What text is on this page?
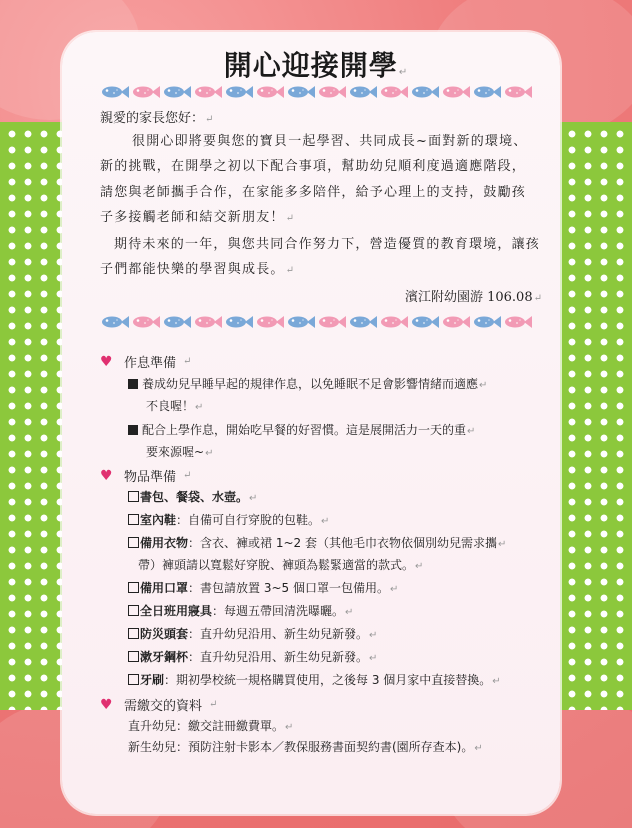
開心迎接開學↵
親愛的家長您好：↵
很開心即將要與您的寶貝一起學習、共同成長~面對新的環境、新的挑戰，在開學之初以下配合事項，幫助幼兒順利度過適應階段，請您與老師攜手合作，在家能多多陪伴，給予心理上的支持，鼓勵孩子多接觸老師和結交新朋友！↵
期待未來的一年，與您共同合作努力下，營造優質的教育環境，讓孩子們都能快樂的學習與成長。↵
濱江附幼園游 106.08↵
♥ 作息準備 ↵
養成幼兒早睡早起的規律作息，以免睡眠不足會影響情緒而適應↵
不良喔！↵
配合上學作息，開始吃早餐的好習慣。這是展開活力一天的重↵
要來源喔~↵
♥ 物品準備 ↵
書包、餐袋、水壺。↵
室內鞋：自備可自行穿脫的包鞋。↵
備用衣物：含衣、褲或裙 1~2 套（其他毛巾衣物依個別幼兒需求攜↵
帶）褲頭請以寬鬆好穿脫、褲頭為鬆緊適當的款式。↵
備用口罩：書包請放置 3~5 個口罩一包備用。↵
全日班用寢具：每週五帶回清洗曝曬。↵
防災頭套：直升幼兒沿用、新生幼兒新發。↵
漱牙鋼杯：直升幼兒沿用、新生幼兒新發。↵
牙刷：期初學校統一規格購買使用，之後每 3 個月家中直接替換。↵
♥ 需繳交的資料 ↵
直升幼兒：繳交註冊繳費單。↵
新生幼兒：預防注射卡影本／教保服務書面契約書(園所存查本)。↵
